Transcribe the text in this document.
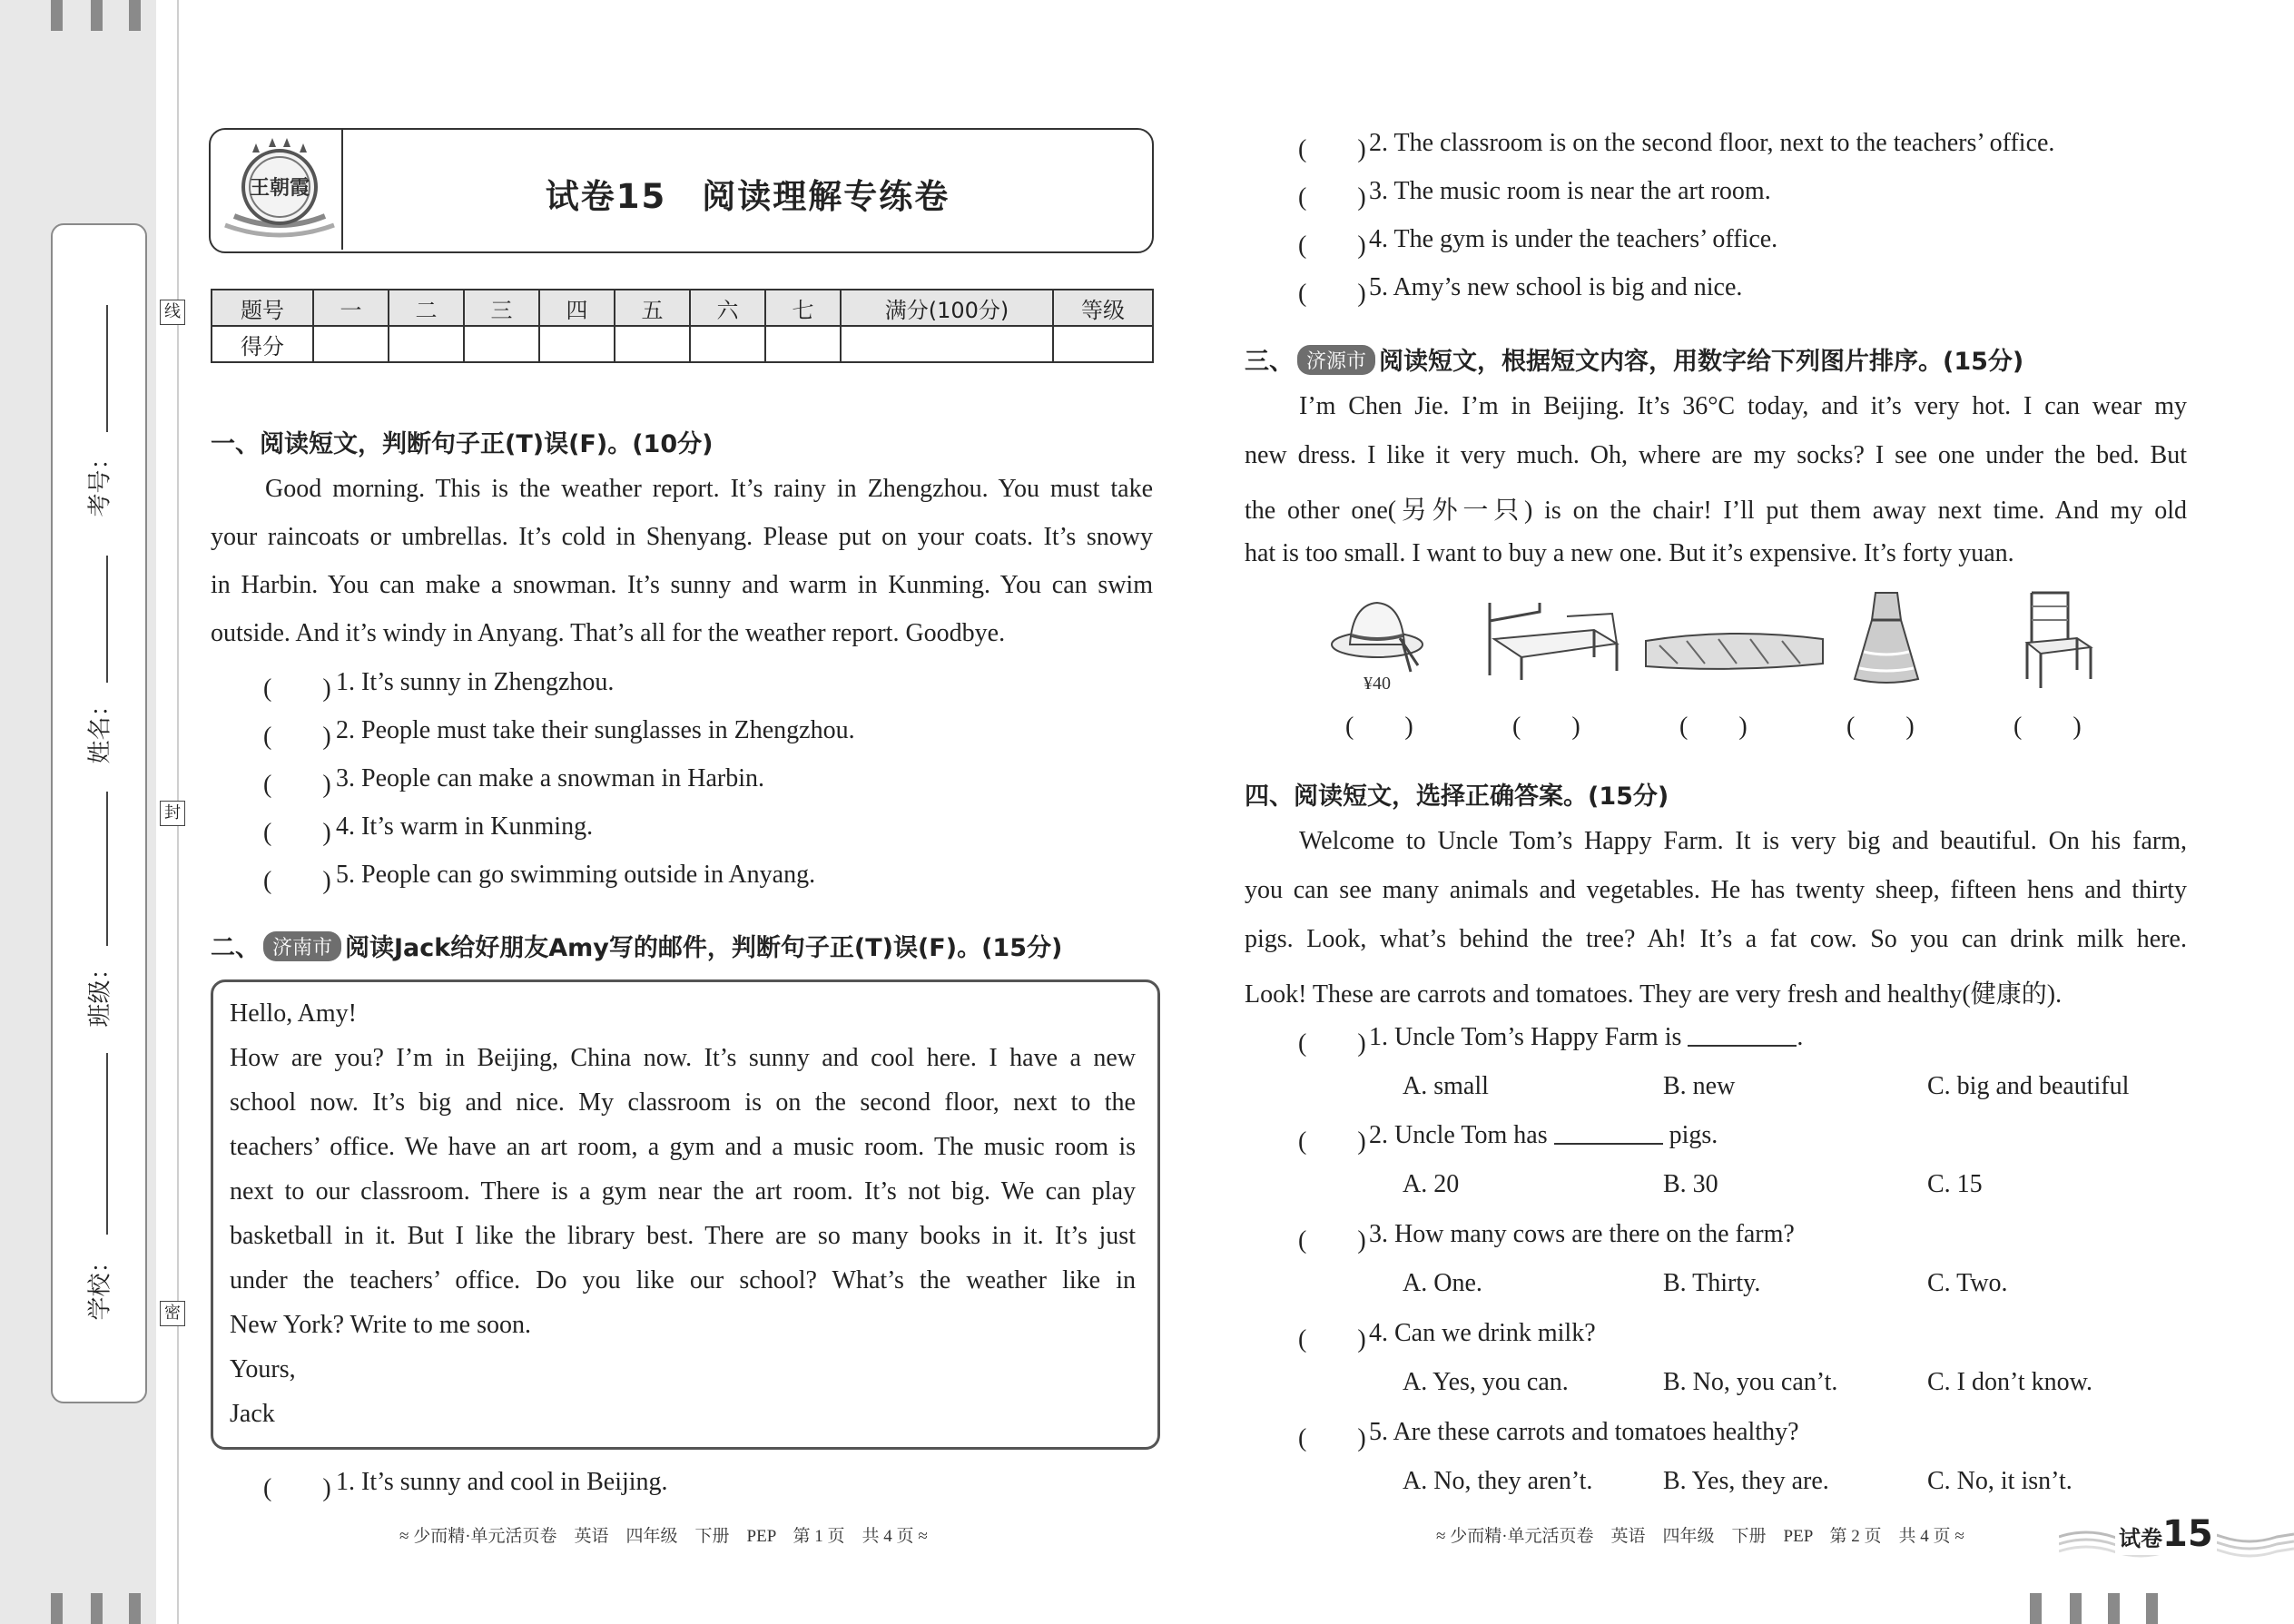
考号：
姓名：
班级：
学校：
线
封
密
王朝霞	试卷15　阅读理解专练卷
题号	一	二	三	四	五	六	七	满分(100分)	等级
得分									
一、阅读短文，判断句子正(T)误(F)。(10分)
Good morning. This is the weather report. It’s rainy in Zhengzhou. You must take
your raincoats or umbrellas. It’s cold in Shenyang. Please put on your coats. It’s snowy
in Harbin. You can make a snowman. It’s sunny and warm in Kunming. You can swim
outside. And it’s windy in Anyang. That’s all for the weather report. Goodbye.
(　　) 1. It’s sunny in Zhengzhou.
(　　) 2. People must take their sunglasses in Zhengzhou.
(　　) 3. People can make a snowman in Harbin.
(　　) 4. It’s warm in Kunming.
(　　) 5. People can go swimming outside in Anyang.
二、 济南市 阅读Jack给好朋友Amy写的邮件，判断句子正(T)误(F)。(15分)
Hello, Amy!
How are you? I’m in Beijing, China now. It’s sunny and cool here. I have a new
school now. It’s big and nice. My classroom is on the second floor, next to the
teachers’ office. We have an art room, a gym and a music room. The music room is
next to our classroom. There is a gym near the art room. It’s not big. We can play
basketball in it. But I like the library best. There are so many books in it. It’s just
under the teachers’ office. Do you like our school? What’s the weather like in
New York? Write to me soon.
Yours,
Jack
(　　) 1. It’s sunny and cool in Beijing.
≈ 少而精·单元活页卷　英语　四年级　下册　PEP　第 1 页　共 4 页 ≈
(　　) 2. The classroom is on the second floor, next to the teachers’ office.
(　　) 3. The music room is near the art room.
(　　) 4. The gym is under the teachers’ office.
(　　) 5. Amy’s new school is big and nice.
三、 济源市 阅读短文，根据短文内容，用数字给下列图片排序。(15分)
I’m Chen Jie. I’m in Beijing. It’s 36°C today, and it’s very hot. I can wear my
new dress. I like it very much. Oh, where are my socks? I see one under the bed. But
the other one(另外一只) is on the chair! I’ll put them away next time. And my old
hat is too small. I want to buy a new one. But it’s expensive. It’s forty yuan.
¥40
(　　)	(　　)	(　　)	(　　)	(　　)
四、阅读短文，选择正确答案。(15分)
Welcome to Uncle Tom’s Happy Farm. It is very big and beautiful. On his farm,
you can see many animals and vegetables. He has twenty sheep, fifteen hens and thirty
pigs. Look, what’s behind the tree? Ah! It’s a fat cow. So you can drink milk here.
Look! These are carrots and tomatoes. They are very fresh and healthy(健康的).
(　　) 1. Uncle Tom’s Happy Farm is	.
A. small	B. new	C. big and beautiful
(　　) 2. Uncle Tom has	pigs.
A. 20	B. 30	C. 15
(　　) 3. How many cows are there on the farm?
A. One.	B. Thirty.	C. Two.
(　　) 4. Can we drink milk?
A. Yes, you can.	B. No, you can’t.	C. I don’t know.
(　　) 5. Are these carrots and tomatoes healthy?
A. No, they aren’t.	B. Yes, they are.	C. No, it isn’t.
≈ 少而精·单元活页卷　英语　四年级　下册　PEP　第 2 页　共 4 页 ≈	试卷15
